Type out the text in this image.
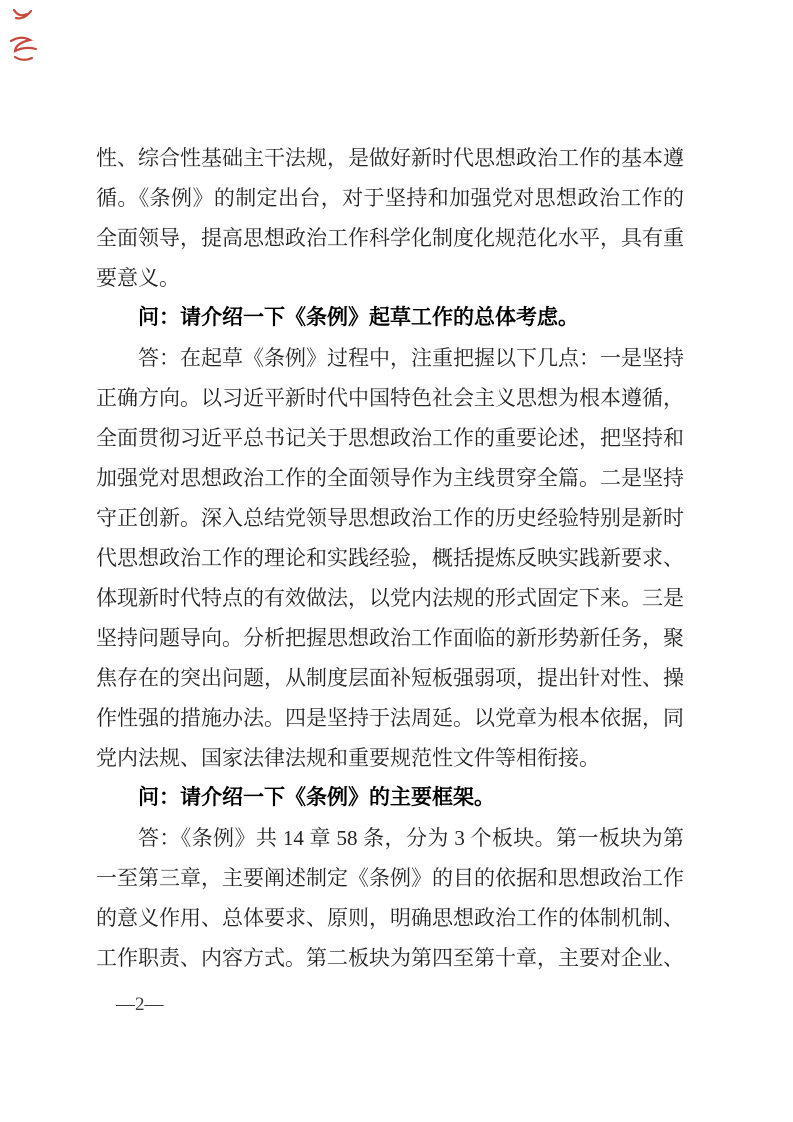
性、综合性基础主干法规，是做好新时代思想政治工作的基本遵循。《条例》的制定出台，对于坚持和加强党对思想政治工作的全面领导，提高思想政治工作科学化制度化规范化水平，具有重要意义。

问：请介绍一下《条例》起草工作的总体考虑。

答：在起草《条例》过程中，注重把握以下几点：一是坚持正确方向。以习近平新时代中国特色社会主义思想为根本遵循，全面贯彻习近平总书记关于思想政治工作的重要论述，把坚持和加强党对思想政治工作的全面领导作为主线贯穿全篇。二是坚持守正创新。深入总结党领导思想政治工作的历史经验特别是新时代思想政治工作的理论和实践经验，概括提炼反映实践新要求、体现新时代特点的有效做法，以党内法规的形式固定下来。三是坚持问题导向。分析把握思想政治工作面临的新形势新任务，聚焦存在的突出问题，从制度层面补短板强弱项，提出针对性、操作性强的措施办法。四是坚持于法周延。以党章为根本依据，同党内法规、国家法律法规和重要规范性文件等相衔接。

问：请介绍一下《条例》的主要框架。

答：《条例》共 14 章 58 条，分为 3 个板块。第一板块为第一至第三章，主要阐述制定《条例》的目的依据和思想政治工作的意义作用、总体要求、原则，明确思想政治工作的体制机制、工作职责、内容方式。第二板块为第四至第十章，主要对企业、

—2—
